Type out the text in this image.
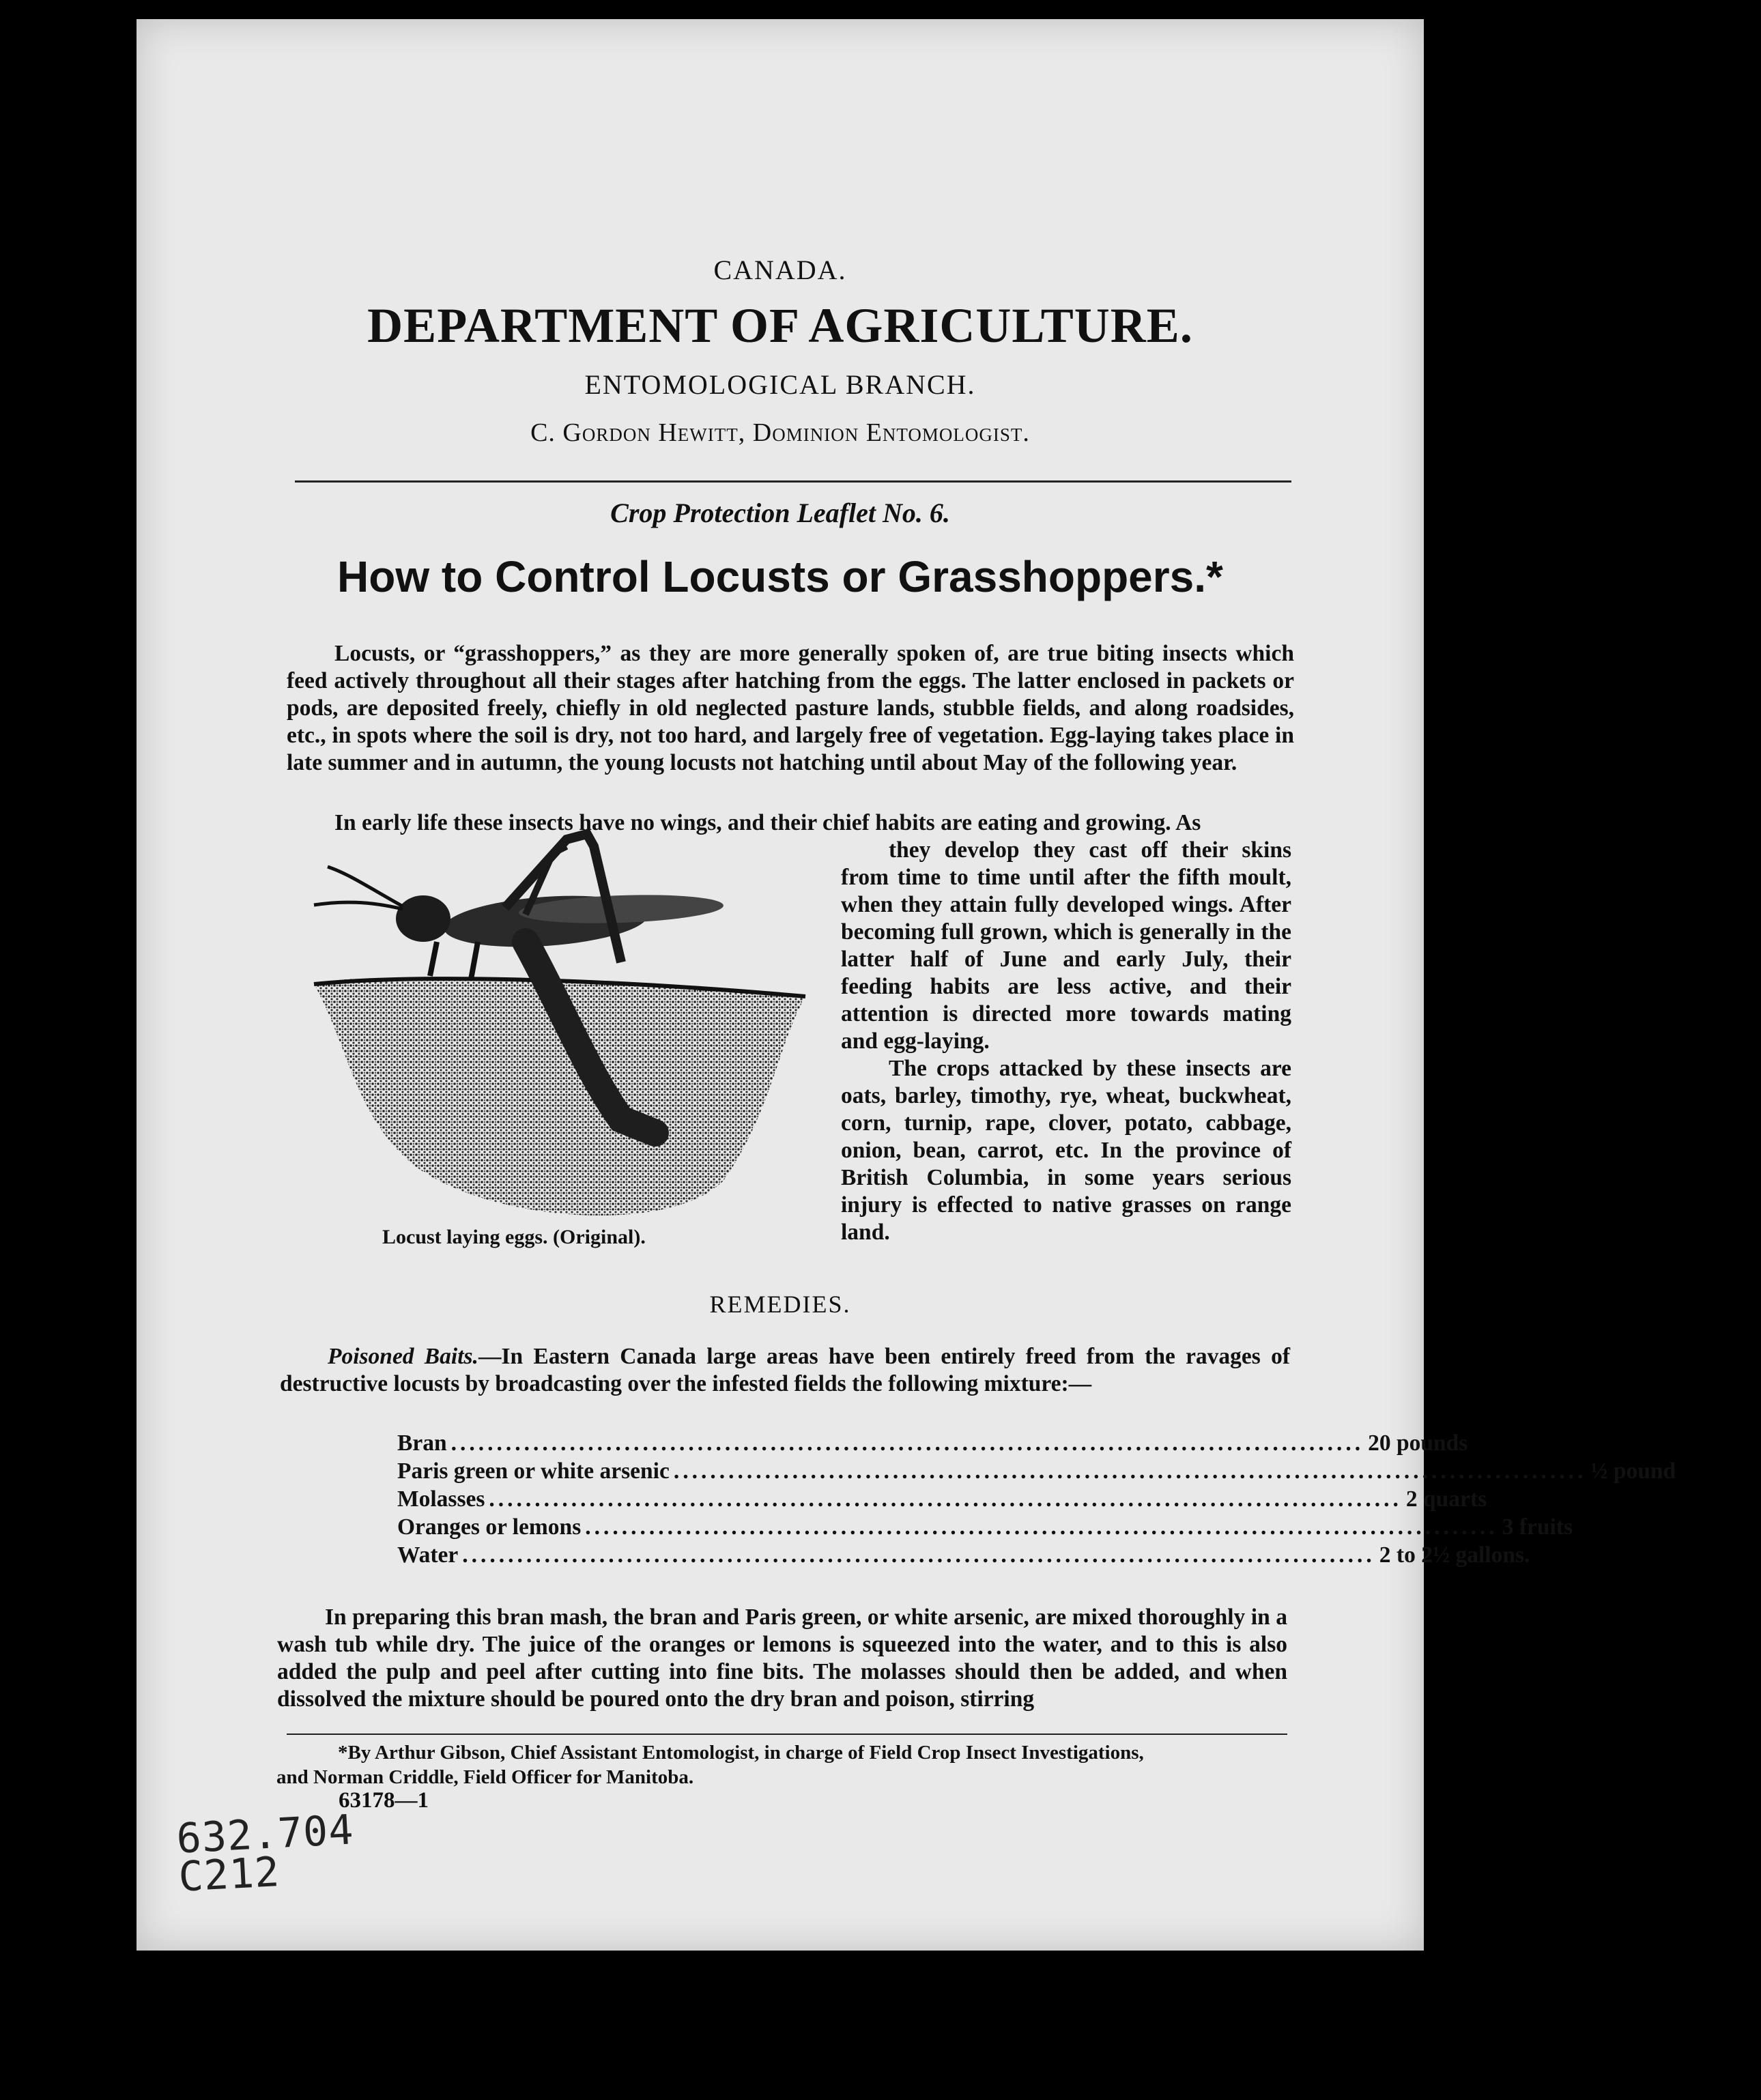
CANADA.
DEPARTMENT OF AGRICULTURE.
ENTOMOLOGICAL BRANCH.
C. Gordon Hewitt, Dominion Entomologist.
Crop Protection Leaflet No. 6.
How to Control Locusts or Grasshoppers.*
Locusts, or “grasshoppers,” as they are more generally spoken of, are true biting insects which feed actively throughout all their stages after hatching from the eggs. The latter enclosed in packets or pods, are deposited freely, chiefly in old neglected pasture lands, stubble fields, and along roadsides, etc., in spots where the soil is dry, not too hard, and largely free of vegetation. Egg-laying takes place in late summer and in autumn, the young locusts not hatching until about May of the following year.
In early life these insects have no wings, and their chief habits are eating and growing. As
they develop they cast off their skins from time to time until after the fifth moult, when they attain fully developed wings. After becoming full grown, which is generally in the latter half of June and early July, their feeding habits are less active, and their attention is directed more towards mating and egg-laying.
The crops attacked by these insects are oats, barley, timothy, rye, wheat, buckwheat, corn, turnip, rape, clover, potato, cabbage, onion, bean, carrot, etc. In the province of British Columbia, in some years serious injury is effected to native grasses on range land.
Locust laying eggs. (Original).
REMEDIES.
Poisoned Baits.—In Eastern Canada large areas have been entirely freed from the ravages of destructive locusts by broadcasting over the infested fields the following mixture:—
Bran .................................................................................................... 20 pounds
Paris green or white arsenic .................................................................................................... ½ pound
Molasses .................................................................................................... 2 quarts
Oranges or lemons .................................................................................................... 3 fruits
Water .................................................................................................... 2 to 2½ gallons.
In preparing this bran mash, the bran and Paris green, or white arsenic, are mixed thoroughly in a wash tub while dry. The juice of the oranges or lemons is squeezed into the water, and to this is also added the pulp and peel after cutting into fine bits. The molasses should then be added, and when dissolved the mixture should be poured onto the dry bran and poison, stirring
*By Arthur Gibson, Chief Assistant Entomologist, in charge of Field Crop Insect Investigations,
and Norman Criddle, Field Officer for Manitoba.
63178—1
632.704
C212
